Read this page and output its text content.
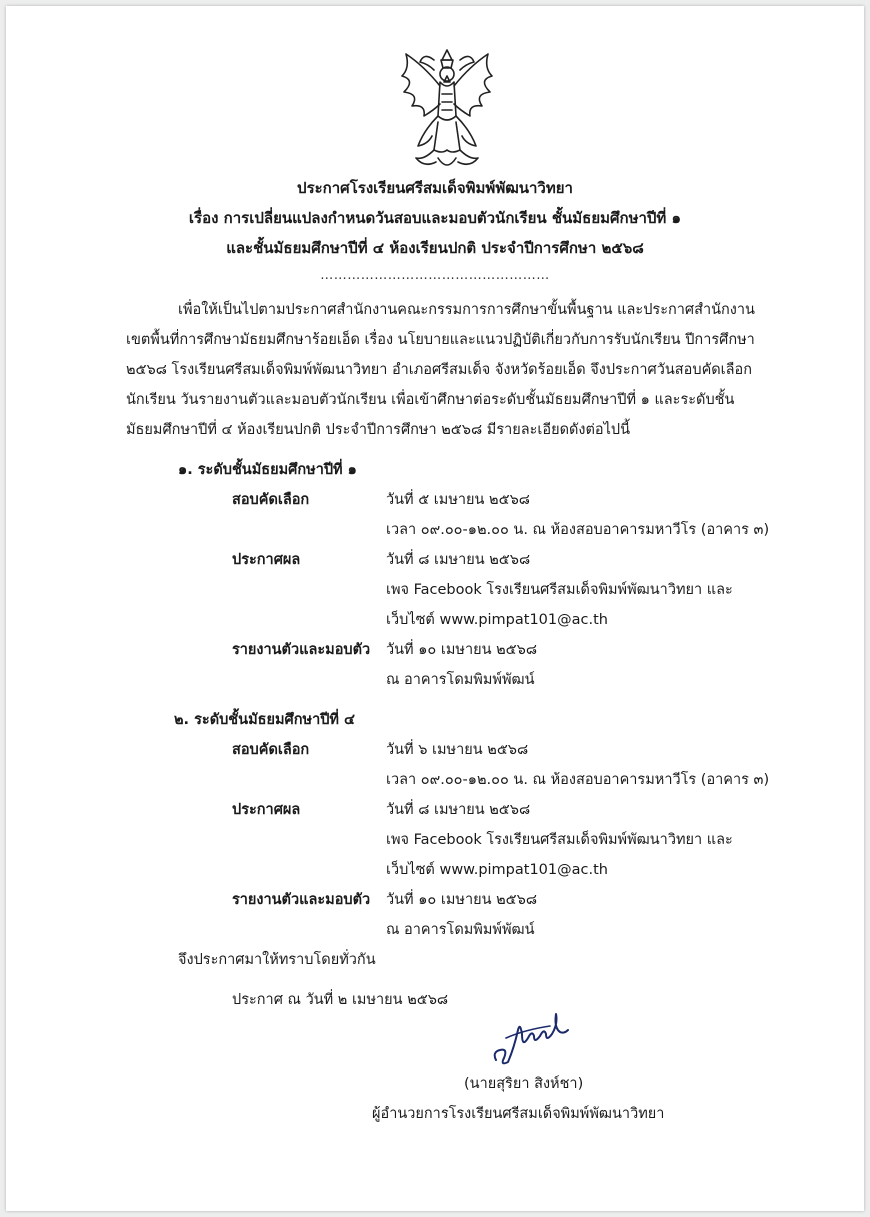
ประกาศโรงเรียนศรีสมเด็จพิมพ์พัฒนาวิทยา
เรื่อง การเปลี่ยนแปลงกำหนดวันสอบและมอบตัวนักเรียน ชั้นมัธยมศึกษาปีที่ ๑
และชั้นมัธยมศึกษาปีที่ ๔ ห้องเรียนปกติ ประจำปีการศึกษา ๒๕๖๘
……………………………………………
เพื่อให้เป็นไปตามประกาศสำนักงานคณะกรรมการการศึกษาขั้นพื้นฐาน และประกาศสำนักงาน
เขตพื้นที่การศึกษามัธยมศึกษาร้อยเอ็ด เรื่อง นโยบายและแนวปฏิบัติเกี่ยวกับการรับนักเรียน ปีการศึกษา
๒๕๖๘ โรงเรียนศรีสมเด็จพิมพ์พัฒนาวิทยา อำเภอศรีสมเด็จ จังหวัดร้อยเอ็ด จึงประกาศวันสอบคัดเลือก
นักเรียน วันรายงานตัวและมอบตัวนักเรียน เพื่อเข้าศึกษาต่อระดับชั้นมัธยมศึกษาปีที่ ๑ และระดับชั้น
มัธยมศึกษาปีที่ ๔ ห้องเรียนปกติ ประจำปีการศึกษา ๒๕๖๘ มีรายละเอียดดังต่อไปนี้
๑. ระดับชั้นมัธยมศึกษาปีที่ ๑
สอบคัดเลือก	วันที่ ๕ เมษายน ๒๕๖๘
เวลา ๐๙.๐๐-๑๒.๐๐ น. ณ ห้องสอบอาคารมหาวีโร (อาคาร ๓)
ประกาศผล	วันที่ ๘ เมษายน ๒๕๖๘
เพจ Facebook โรงเรียนศรีสมเด็จพิมพ์พัฒนาวิทยา และ
เว็บไซต์ www.pimpat101@ac.th
รายงานตัวและมอบตัว วันที่ ๑๐ เมษายน ๒๕๖๘
ณ อาคารโดมพิมพ์พัฒน์
๒. ระดับชั้นมัธยมศึกษาปีที่ ๔
สอบคัดเลือก	วันที่ ๖ เมษายน ๒๕๖๘
เวลา ๐๙.๐๐-๑๒.๐๐ น. ณ ห้องสอบอาคารมหาวีโร (อาคาร ๓)
ประกาศผล	วันที่ ๘ เมษายน ๒๕๖๘
เพจ Facebook โรงเรียนศรีสมเด็จพิมพ์พัฒนาวิทยา และ
เว็บไซต์ www.pimpat101@ac.th
รายงานตัวและมอบตัว วันที่ ๑๐ เมษายน ๒๕๖๘
ณ อาคารโดมพิมพ์พัฒน์
จึงประกาศมาให้ทราบโดยทั่วกัน
ประกาศ ณ วันที่ ๒ เมษายน ๒๕๖๘
(นายสุริยา สิงห์ชา)
ผู้อำนวยการโรงเรียนศรีสมเด็จพิมพ์พัฒนาวิทยา
